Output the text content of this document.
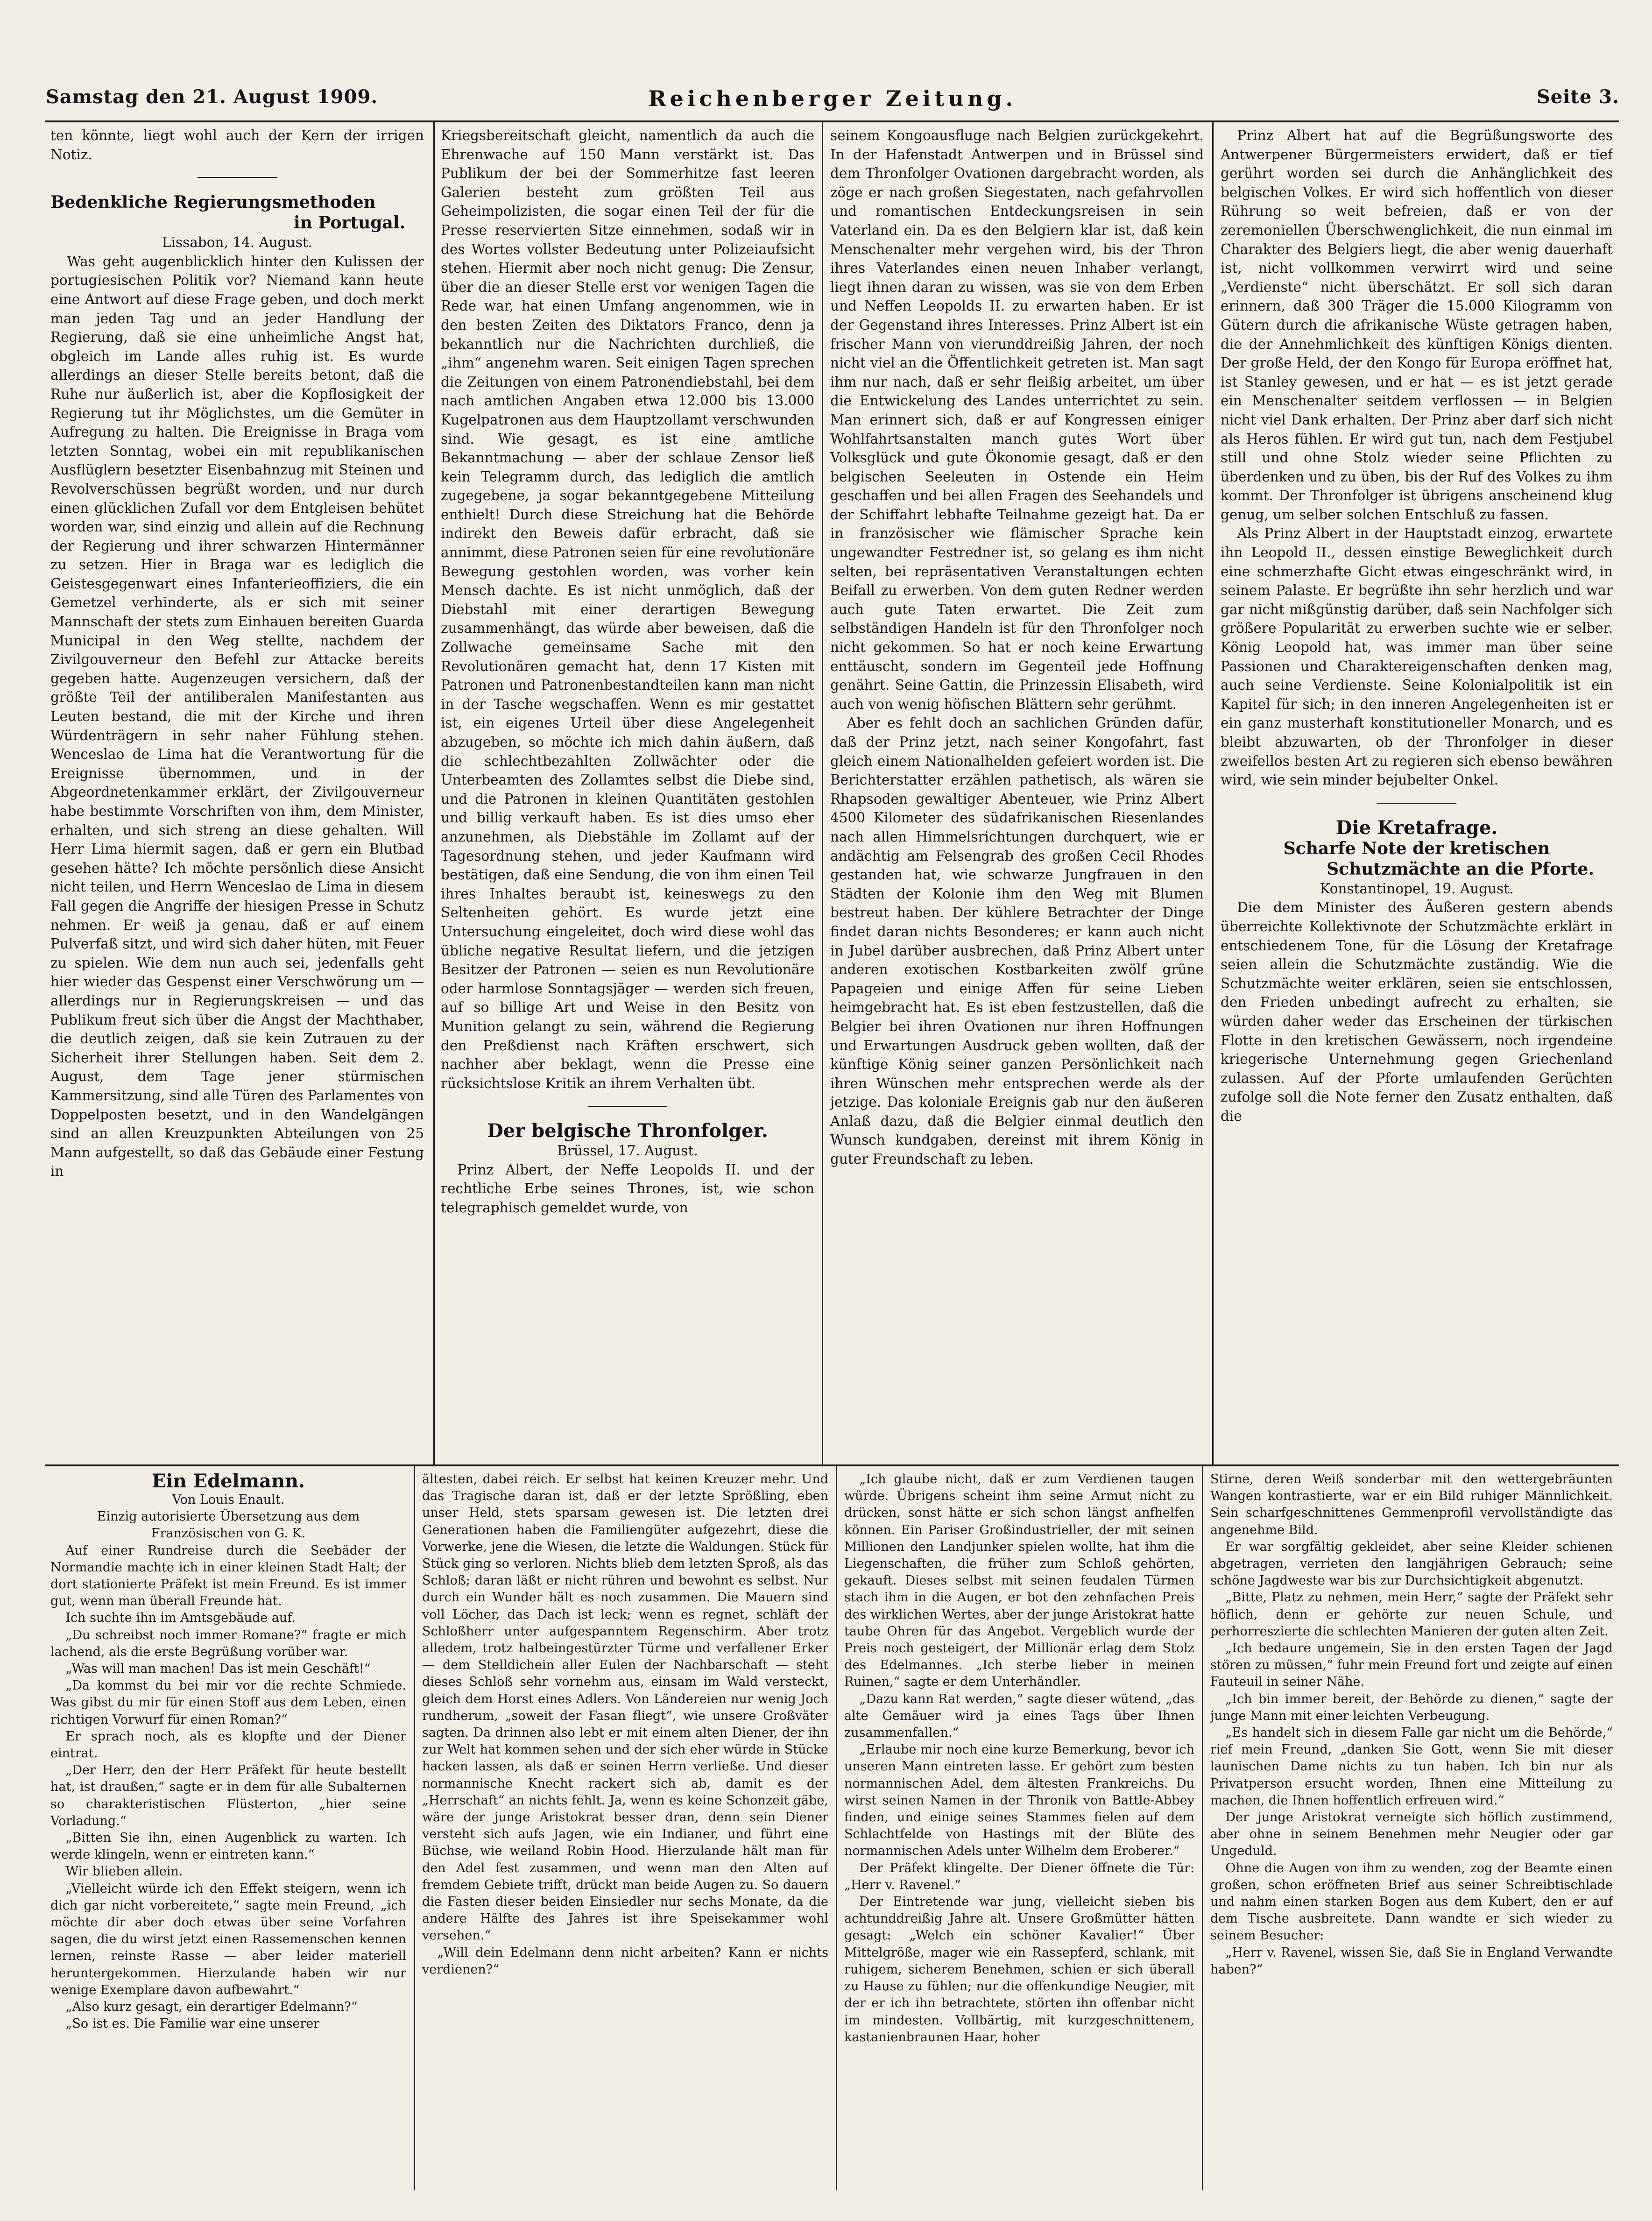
Samstag den 21. August 1909.	Reichenberger Zeitung.	Seite 3.

ten könnte, liegt wohl auch der Kern der irrigen Notiz.

Bedenkliche Regierungsmethoden

in Portugal.

Lissabon, 14. August.

Was geht augenblicklich hinter den Kulissen der portugiesischen Politik vor? Niemand kann heute eine Antwort auf diese Frage geben, und doch merkt man jeden Tag und an jeder Handlung der Regierung, daß sie eine unheimliche Angst hat, obgleich im Lande alles ruhig ist. Es wurde allerdings an dieser Stelle bereits betont, daß die Ruhe nur äußerlich ist, aber die Kopflosigkeit der Regierung tut ihr Möglichstes, um die Gemüter in Aufregung zu halten. Die Ereignisse in Braga vom letzten Sonntag, wobei ein mit republikanischen Ausflüglern besetzter Eisenbahnzug mit Steinen und Revolverschüssen begrüßt worden, und nur durch einen glücklichen Zufall vor dem Entgleisen behütet worden war, sind einzig und allein auf die Rechnung der Regierung und ihrer schwarzen Hintermänner zu setzen. Hier in Braga war es lediglich die Geistesgegenwart eines Infanterieoffiziers, die ein Gemetzel verhinderte, als er sich mit seiner Mannschaft der stets zum Einhauen bereiten Guarda Municipal in den Weg stellte, nachdem der Zivilgouverneur den Befehl zur Attacke bereits gegeben hatte. Augenzeugen versichern, daß der größte Teil der antiliberalen Manifestanten aus Leuten bestand, die mit der Kirche und ihren Würdenträgern in sehr naher Fühlung stehen. Wenceslao de Lima hat die Verantwortung für die Ereignisse übernommen, und in der Abgeordnetenkammer erklärt, der Zivilgouverneur habe bestimmte Vorschriften von ihm, dem Minister, erhalten, und sich streng an diese gehalten. Will Herr Lima hiermit sagen, daß er gern ein Blutbad gesehen hätte? Ich möchte persönlich diese Ansicht nicht teilen, und Herrn Wenceslao de Lima in diesem Fall gegen die Angriffe der hiesigen Presse in Schutz nehmen. Er weiß ja genau, daß er auf einem Pulverfaß sitzt, und wird sich daher hüten, mit Feuer zu spielen. Wie dem nun auch sei, jedenfalls geht hier wieder das Gespenst einer Verschwörung um — allerdings nur in Regierungskreisen — und das Publikum freut sich über die Angst der Machthaber, die deutlich zeigen, daß sie kein Zutrauen zu der Sicherheit ihrer Stellungen haben. Seit dem 2. August, dem Tage jener stürmischen Kammersitzung, sind alle Türen des Parlamentes von Doppelposten besetzt, und in den Wandelgängen sind an allen Kreuzpunkten Abteilungen von 25 Mann aufgestellt, so daß das Gebäude einer Festung in

Kriegsbereitschaft gleicht, namentlich da auch die Ehrenwache auf 150 Mann verstärkt ist. Das Publikum der bei der Sommerhitze fast leeren Galerien besteht zum größten Teil aus Geheimpolizisten, die sogar einen Teil der für die Presse reservierten Sitze einnehmen, sodaß wir in des Wortes vollster Bedeutung unter Polizeiaufsicht stehen. Hiermit aber noch nicht genug: Die Zensur, über die an dieser Stelle erst vor wenigen Tagen die Rede war, hat einen Umfang angenommen, wie in den besten Zeiten des Diktators Franco, denn ja bekanntlich nur die Nachrichten durchließ, die „ihm“ angenehm waren. Seit einigen Tagen sprechen die Zeitungen von einem Patronendiebstahl, bei dem nach amtlichen Angaben etwa 12.000 bis 13.000 Kugelpatronen aus dem Hauptzollamt verschwunden sind. Wie gesagt, es ist eine amtliche Bekanntmachung — aber der schlaue Zensor ließ kein Telegramm durch, das lediglich die amtlich zugegebene, ja sogar bekanntgegebene Mitteilung enthielt! Durch diese Streichung hat die Behörde indirekt den Beweis dafür erbracht, daß sie annimmt, diese Patronen seien für eine revolutionäre Bewegung gestohlen worden, was vorher kein Mensch dachte. Es ist nicht unmöglich, daß der Diebstahl mit einer derartigen Bewegung zusammenhängt, das würde aber beweisen, daß die Zollwache gemeinsame Sache mit den Revolutionären gemacht hat, denn 17 Kisten mit Patronen und Patronenbestandteilen kann man nicht in der Tasche wegschaffen. Wenn es mir gestattet ist, ein eigenes Urteil über diese Angelegenheit abzugeben, so möchte ich mich dahin äußern, daß die schlechtbezahlten Zollwächter oder die Unterbeamten des Zollamtes selbst die Diebe sind, und die Patronen in kleinen Quantitäten gestohlen und billig verkauft haben. Es ist dies umso eher anzunehmen, als Diebstähle im Zollamt auf der Tagesordnung stehen, und jeder Kaufmann wird bestätigen, daß eine Sendung, die von ihm einen Teil ihres Inhaltes beraubt ist, keineswegs zu den Seltenheiten gehört. Es wurde jetzt eine Untersuchung eingeleitet, doch wird diese wohl das übliche negative Resultat liefern, und die jetzigen Besitzer der Patronen — seien es nun Revolutionäre oder harmlose Sonntagsjäger — werden sich freuen, auf so billige Art und Weise in den Besitz von Munition gelangt zu sein, während die Regierung den Preßdienst nach Kräften erschwert, sich nachher aber beklagt, wenn die Presse eine rücksichtslose Kritik an ihrem Verhalten übt.

Der belgische Thronfolger.

Brüssel, 17. August.

Prinz Albert, der Neffe Leopolds II. und der rechtliche Erbe seines Thrones, ist, wie schon telegraphisch gemeldet wurde, von

seinem Kongoausfluge nach Belgien zurückgekehrt. In der Hafenstadt Antwerpen und in Brüssel sind dem Thronfolger Ovationen dargebracht worden, als zöge er nach großen Siegestaten, nach gefahrvollen und romantischen Entdeckungsreisen in sein Vaterland ein. Da es den Belgiern klar ist, daß kein Menschenalter mehr vergehen wird, bis der Thron ihres Vaterlandes einen neuen Inhaber verlangt, liegt ihnen daran zu wissen, was sie von dem Erben und Neffen Leopolds II. zu erwarten haben. Er ist der Gegenstand ihres Interesses. Prinz Albert ist ein frischer Mann von vierunddreißig Jahren, der noch nicht viel an die Öffentlichkeit getreten ist. Man sagt ihm nur nach, daß er sehr fleißig arbeitet, um über die Entwickelung des Landes unterrichtet zu sein. Man erinnert sich, daß er auf Kongressen einiger Wohlfahrtsanstalten manch gutes Wort über Volksglück und gute Ökonomie gesagt, daß er den belgischen Seeleuten in Ostende ein Heim geschaffen und bei allen Fragen des Seehandels und der Schiffahrt lebhafte Teilnahme gezeigt hat. Da er in französischer wie flämischer Sprache kein ungewandter Festredner ist, so gelang es ihm nicht selten, bei repräsentativen Veranstaltungen echten Beifall zu erwerben. Von dem guten Redner werden auch gute Taten erwartet. Die Zeit zum selbständigen Handeln ist für den Thronfolger noch nicht gekommen. So hat er noch keine Erwartung enttäuscht, sondern im Gegenteil jede Hoffnung genährt. Seine Gattin, die Prinzessin Elisabeth, wird auch von wenig höfischen Blättern sehr gerühmt.

Aber es fehlt doch an sachlichen Gründen dafür, daß der Prinz jetzt, nach seiner Kongofahrt, fast gleich einem Nationalhelden gefeiert worden ist. Die Berichterstatter erzählen pathetisch, als wären sie Rhapsoden gewaltiger Abenteuer, wie Prinz Albert 4500 Kilometer des südafrikanischen Riesenlandes nach allen Himmelsrichtungen durchquert, wie er andächtig am Felsengrab des großen Cecil Rhodes gestanden hat, wie schwarze Jungfrauen in den Städten der Kolonie ihm den Weg mit Blumen bestreut haben. Der kühlere Betrachter der Dinge findet daran nichts Besonderes; er kann auch nicht in Jubel darüber ausbrechen, daß Prinz Albert unter anderen exotischen Kostbarkeiten zwölf grüne Papageien und einige Affen für seine Lieben heimgebracht hat. Es ist eben festzustellen, daß die Belgier bei ihren Ovationen nur ihren Hoffnungen und Erwartungen Ausdruck geben wollten, daß der künftige König seiner ganzen Persönlichkeit nach ihren Wünschen mehr entsprechen werde als der jetzige. Das koloniale Ereignis gab nur den äußeren Anlaß dazu, daß die Belgier einmal deutlich den Wunsch kundgaben, dereinst mit ihrem König in guter Freundschaft zu leben.

Prinz Albert hat auf die Begrüßungsworte des Antwerpener Bürgermeisters erwidert, daß er tief gerührt worden sei durch die Anhänglichkeit des belgischen Volkes. Er wird sich hoffentlich von dieser Rührung so weit befreien, daß er von der zeremoniellen Überschwenglichkeit, die nun einmal im Charakter des Belgiers liegt, die aber wenig dauerhaft ist, nicht vollkommen verwirrt wird und seine „Verdienste“ nicht überschätzt. Er soll sich daran erinnern, daß 300 Träger die 15.000 Kilogramm von Gütern durch die afrikanische Wüste getragen haben, die der Annehmlichkeit des künftigen Königs dienten. Der große Held, der den Kongo für Europa eröffnet hat, ist Stanley gewesen, und er hat — es ist jetzt gerade ein Menschenalter seitdem verflossen — in Belgien nicht viel Dank erhalten. Der Prinz aber darf sich nicht als Heros fühlen. Er wird gut tun, nach dem Festjubel still und ohne Stolz wieder seine Pflichten zu überdenken und zu üben, bis der Ruf des Volkes zu ihm kommt. Der Thronfolger ist übrigens anscheinend klug genug, um selber solchen Entschluß zu fassen.

Als Prinz Albert in der Hauptstadt einzog, erwartete ihn Leopold II., dessen einstige Beweglichkeit durch eine schmerzhafte Gicht etwas eingeschränkt wird, in seinem Palaste. Er begrüßte ihn sehr herzlich und war gar nicht mißgünstig darüber, daß sein Nachfolger sich größere Popularität zu erwerben suchte wie er selber. König Leopold hat, was immer man über seine Passionen und Charaktereigenschaften denken mag, auch seine Verdienste. Seine Kolonialpolitik ist ein Kapitel für sich; in den inneren Angelegenheiten ist er ein ganz musterhaft konstitutioneller Monarch, und es bleibt abzuwarten, ob der Thronfolger in dieser zweifellos besten Art zu regieren sich ebenso bewähren wird, wie sein minder bejubelter Onkel.

Die Kretafrage.

Scharfe Note der kretischen

Schutzmächte an die Pforte.

Konstantinopel, 19. August.

Die dem Minister des Äußeren gestern abends überreichte Kollektivnote der Schutzmächte erklärt in entschiedenem Tone, für die Lösung der Kretafrage seien allein die Schutzmächte zuständig. Wie die Schutzmächte weiter erklären, seien sie entschlossen, den Frieden unbedingt aufrecht zu erhalten, sie würden daher weder das Erscheinen der türkischen Flotte in den kretischen Gewässern, noch irgendeine kriegerische Unternehmung gegen Griechenland zulassen. Auf der Pforte umlaufenden Gerüchten zufolge soll die Note ferner den Zusatz enthalten, daß die

Ein Edelmann.

Von Louis Enault.

Einzig autorisierte Übersetzung aus dem Französischen von G. K.

Auf einer Rundreise durch die Seebäder der Normandie machte ich in einer kleinen Stadt Halt; der dort stationierte Präfekt ist mein Freund. Es ist immer gut, wenn man überall Freunde hat.

Ich suchte ihn im Amtsgebäude auf.

„Du schreibst noch immer Romane?“ fragte er mich lachend, als die erste Begrüßung vorüber war.

„Was will man machen! Das ist mein Geschäft!“

„Da kommst du bei mir vor die rechte Schmiede. Was gibst du mir für einen Stoff aus dem Leben, einen richtigen Vorwurf für einen Roman?“

Er sprach noch, als es klopfte und der Diener eintrat.

„Der Herr, den der Herr Präfekt für heute bestellt hat, ist draußen,“ sagte er in dem für alle Subalternen so charakteristischen Flüsterton, „hier seine Vorladung.“

„Bitten Sie ihn, einen Augenblick zu warten. Ich werde klingeln, wenn er eintreten kann.“

Wir blieben allein.

„Vielleicht würde ich den Effekt steigern, wenn ich dich gar nicht vorbereitete,“ sagte mein Freund, „ich möchte dir aber doch etwas über seine Vorfahren sagen, die du wirst jetzt einen Rassemenschen kennen lernen, reinste Rasse — aber leider materiell heruntergekommen. Hierzulande haben wir nur wenige Exemplare davon aufbewahrt.“

„Also kurz gesagt, ein derartiger Edelmann?“

„So ist es. Die Familie war eine unserer

ältesten, dabei reich. Er selbst hat keinen Kreuzer mehr. Und das Tragische daran ist, daß er der letzte Sprößling, eben unser Held, stets sparsam gewesen ist. Die letzten drei Generationen haben die Familiengüter aufgezehrt, diese die Vorwerke, jene die Wiesen, die letzte die Waldungen. Stück für Stück ging so verloren. Nichts blieb dem letzten Sproß, als das Schloß; daran läßt er nicht rühren und bewohnt es selbst. Nur durch ein Wunder hält es noch zusammen. Die Mauern sind voll Löcher, das Dach ist leck; wenn es regnet, schläft der Schloßherr unter aufgespanntem Regenschirm. Aber trotz alledem, trotz halbeingestürzter Türme und verfallener Erker — dem Stelldichein aller Eulen der Nachbarschaft — steht dieses Schloß sehr vornehm aus, einsam im Wald versteckt, gleich dem Horst eines Adlers. Von Ländereien nur wenig Joch rundherum, „soweit der Fasan fliegt“, wie unsere Großväter sagten. Da drinnen also lebt er mit einem alten Diener, der ihn zur Welt hat kommen sehen und der sich eher würde in Stücke hacken lassen, als daß er seinen Herrn verließe. Und dieser normannische Knecht rackert sich ab, damit es der „Herrschaft“ an nichts fehlt. Ja, wenn es keine Schonzeit gäbe, wäre der junge Aristokrat besser dran, denn sein Diener versteht sich aufs Jagen, wie ein Indianer, und führt eine Büchse, wie weiland Robin Hood. Hierzulande hält man für den Adel fest zusammen, und wenn man den Alten auf fremdem Gebiete trifft, drückt man beide Augen zu. So dauern die Fasten dieser beiden Einsiedler nur sechs Monate, da die andere Hälfte des Jahres ist ihre Speisekammer wohl versehen.“

„Will dein Edelmann denn nicht arbeiten? Kann er nichts verdienen?“

„Ich glaube nicht, daß er zum Verdienen taugen würde. Übrigens scheint ihm seine Armut nicht zu drücken, sonst hätte er sich schon längst anfhelfen können. Ein Pariser Großindustrieller, der mit seinen Millionen den Landjunker spielen wollte, hat ihm die Liegenschaften, die früher zum Schloß gehörten, gekauft. Dieses selbst mit seinen feudalen Türmen stach ihm in die Augen, er bot den zehnfachen Preis des wirklichen Wertes, aber der junge Aristokrat hatte taube Ohren für das Angebot. Vergeblich wurde der Preis noch gesteigert, der Millionär erlag dem Stolz des Edelmannes. „Ich sterbe lieber in meinen Ruinen,“ sagte er dem Unterhändler.

„Dazu kann Rat werden,“ sagte dieser wütend, „das alte Gemäuer wird ja eines Tags über Ihnen zusammenfallen.“

„Erlaube mir noch eine kurze Bemerkung, bevor ich unseren Mann eintreten lasse. Er gehört zum besten normannischen Adel, dem ältesten Frankreichs. Du wirst seinen Namen in der Thronik von Battle-Abbey finden, und einige seines Stammes fielen auf dem Schlachtfelde von Hastings mit der Blüte des normannischen Adels unter Wilhelm dem Eroberer.“

Der Präfekt klingelte. Der Diener öffnete die Tür: „Herr v. Ravenel.“

Der Eintretende war jung, vielleicht sieben bis achtunddreißig Jahre alt. Unsere Großmütter hätten gesagt: „Welch ein schöner Kavalier!“ Über Mittelgröße, mager wie ein Rassepferd, schlank, mit ruhigem, sicherem Benehmen, schien er sich überall zu Hause zu fühlen; nur die offenkundige Neugier, mit der er ich ihn betrachtete, störten ihn offenbar nicht im mindesten. Vollbärtig, mit kurzgeschnittenem, kastanienbraunen Haar, hoher

Stirne, deren Weiß sonderbar mit den wettergebräunten Wangen kontrastierte, war er ein Bild ruhiger Männlichkeit. Sein scharfgeschnittenes Gemmenprofil vervollständigte das angenehme Bild.

Er war sorgfältig gekleidet, aber seine Kleider schienen abgetragen, verrieten den langjährigen Gebrauch; seine schöne Jagdweste war bis zur Durchsichtigkeit abgenutzt.

„Bitte, Platz zu nehmen, mein Herr,“ sagte der Präfekt sehr höflich, denn er gehörte zur neuen Schule, und perhorreszierte die schlechten Manieren der guten alten Zeit.

„Ich bedaure ungemein, Sie in den ersten Tagen der Jagd stören zu müssen,“ fuhr mein Freund fort und zeigte auf einen Fauteuil in seiner Nähe.

„Ich bin immer bereit, der Behörde zu dienen,“ sagte der junge Mann mit einer leichten Verbeugung.

„Es handelt sich in diesem Falle gar nicht um die Behörde,“ rief mein Freund, „danken Sie Gott, wenn Sie mit dieser launischen Dame nichts zu tun haben. Ich bin nur als Privatperson ersucht worden, Ihnen eine Mitteilung zu machen, die Ihnen hoffentlich erfreuen wird.“

Der junge Aristokrat verneigte sich höflich zustimmend, aber ohne in seinem Benehmen mehr Neugier oder gar Ungeduld.

Ohne die Augen von ihm zu wenden, zog der Beamte einen großen, schon eröffneten Brief aus seiner Schreibtischlade und nahm einen starken Bogen aus dem Kubert, den er auf dem Tische ausbreitete. Dann wandte er sich wieder zu seinem Besucher:

„Herr v. Ravenel, wissen Sie, daß Sie in England Verwandte haben?“
